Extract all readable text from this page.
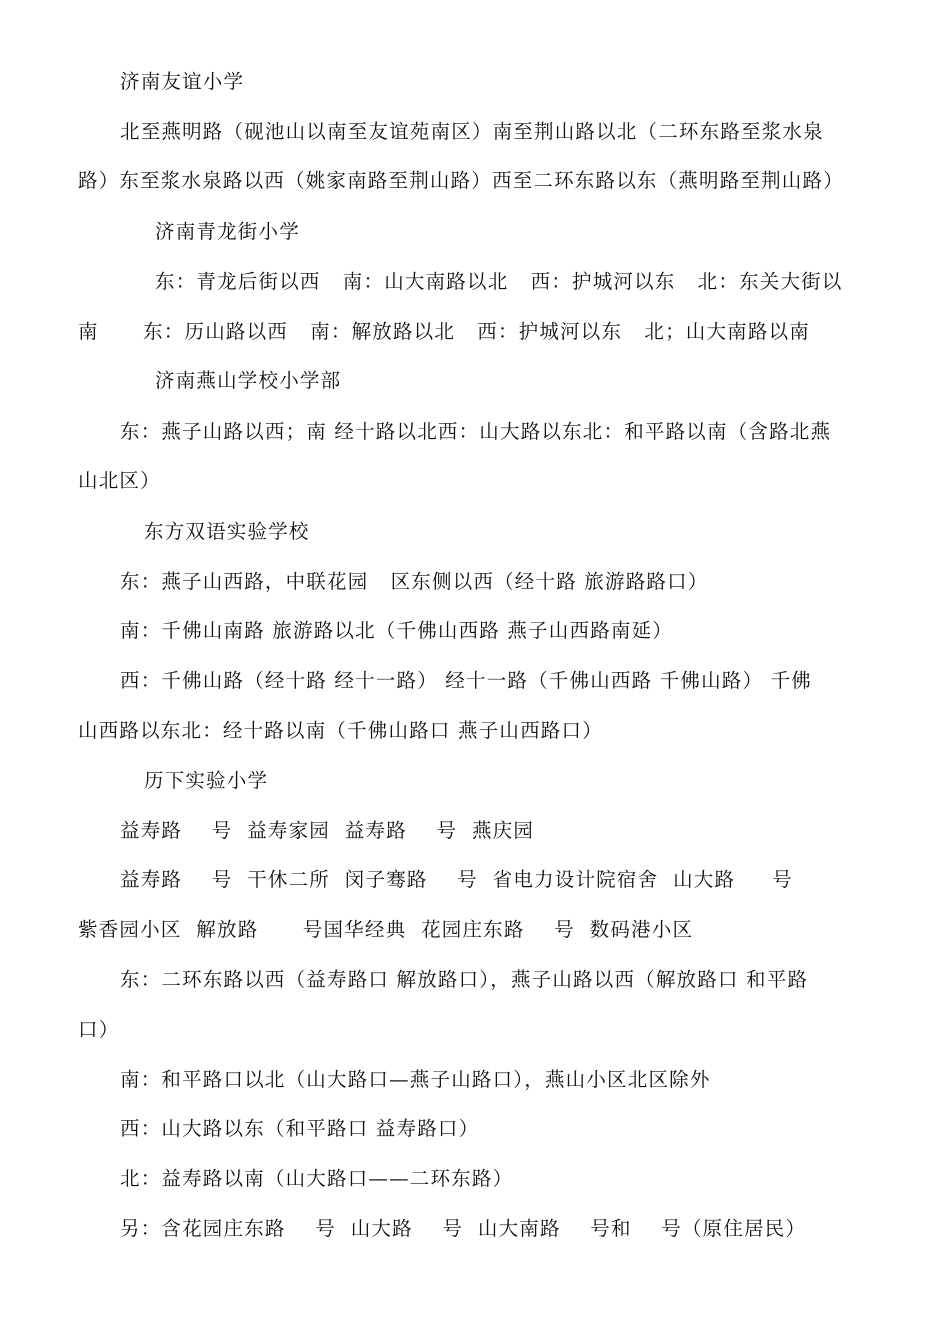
济南友谊小学
北至燕明路（砚池山以南至友谊苑南区）南至荆山路以北（二环东路至浆水泉
路）东至浆水泉路以西（姚家南路至荆山路）西至二环东路以东（燕明路至荆山路）
济南青龙街小学
东：青龙后街以西   南：山大南路以北   西：护城河以东   北：东关大街以
南      东：历山路以西   南：解放路以北   西：护城河以东   北；山大南路以南
济南燕山学校小学部
东：燕子山路以西；南 经十路以北西：山大路以东北：和平路以南（含路北燕
山北区）
东方双语实验学校
东：燕子山西路，中联花园   区东侧以西（经十路 旅游路路口）
南：千佛山南路 旅游路以北（千佛山西路 燕子山西路南延）
西：千佛山路（经十路 经十一路） 经十一路（千佛山西路 千佛山路） 千佛
山西路以东北：经十路以南（千佛山路口 燕子山西路口）
历下实验小学
益寿路    号  益寿家园  益寿路    号  燕庆园
益寿路    号  干休二所  闵子骞路    号  省电力设计院宿舍  山大路     号
紫香园小区  解放路      号国华经典  花园庄东路    号  数码港小区
东：二环东路以西（益寿路口 解放路口），燕子山路以西（解放路口 和平路
口）
南：和平路口以北（山大路口—燕子山路口），燕山小区北区除外
西：山大路以东（和平路口 益寿路口）
北：益寿路以南（山大路口——二环东路）
另：含花园庄东路    号  山大路    号  山大南路    号和    号（原住居民）
